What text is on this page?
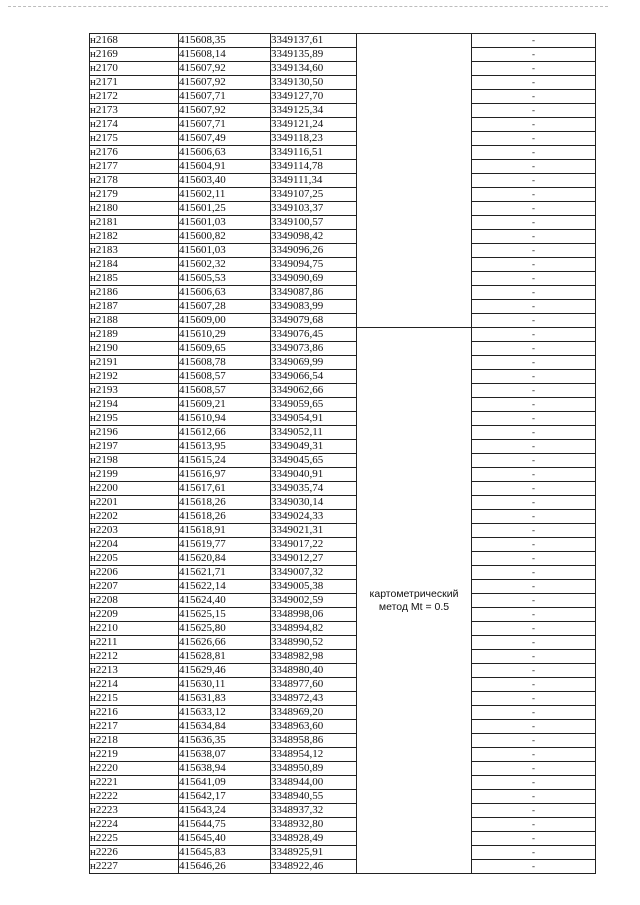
н2168	415608,35	3349137,61		-
н2169	415608,14	3349135,89		-
н2170	415607,92	3349134,60		-
н2171	415607,92	3349130,50		-
н2172	415607,71	3349127,70		-
н2173	415607,92	3349125,34		-
н2174	415607,71	3349121,24		-
н2175	415607,49	3349118,23		-
н2176	415606,63	3349116,51		-
н2177	415604,91	3349114,78		-
н2178	415603,40	3349111,34		-
н2179	415602,11	3349107,25		-
н2180	415601,25	3349103,37		-
н2181	415601,03	3349100,57		-
н2182	415600,82	3349098,42		-
н2183	415601,03	3349096,26		-
н2184	415602,32	3349094,75		-
н2185	415605,53	3349090,69		-
н2186	415606,63	3349087,86		-
н2187	415607,28	3349083,99		-
н2188	415609,00	3349079,68		-
н2189	415610,29	3349076,45	картометрический
метод Mt = 0.5	-
н2190	415609,65	3349073,86		-
н2191	415608,78	3349069,99		-
н2192	415608,57	3349066,54		-
н2193	415608,57	3349062,66		-
н2194	415609,21	3349059,65		-
н2195	415610,94	3349054,91		-
н2196	415612,66	3349052,11		-
н2197	415613,95	3349049,31		-
н2198	415615,24	3349045,65		-
н2199	415616,97	3349040,91		-
н2200	415617,61	3349035,74		-
н2201	415618,26	3349030,14		-
н2202	415618,26	3349024,33		-
н2203	415618,91	3349021,31		-
н2204	415619,77	3349017,22		-
н2205	415620,84	3349012,27		-
н2206	415621,71	3349007,32		-
н2207	415622,14	3349005,38		-
н2208	415624,40	3349002,59		-
н2209	415625,15	3348998,06		-
н2210	415625,80	3348994,82		-
н2211	415626,66	3348990,52		-
н2212	415628,81	3348982,98		-
н2213	415629,46	3348980,40		-
н2214	415630,11	3348977,60		-
н2215	415631,83	3348972,43		-
н2216	415633,12	3348969,20		-
н2217	415634,84	3348963,60		-
н2218	415636,35	3348958,86		-
н2219	415638,07	3348954,12		-
н2220	415638,94	3348950,89		-
н2221	415641,09	3348944,00		-
н2222	415642,17	3348940,55		-
н2223	415643,24	3348937,32		-
н2224	415644,75	3348932,80		-
н2225	415645,40	3348928,49		-
н2226	415645,83	3348925,91		-
н2227	415646,26	3348922,46		-
